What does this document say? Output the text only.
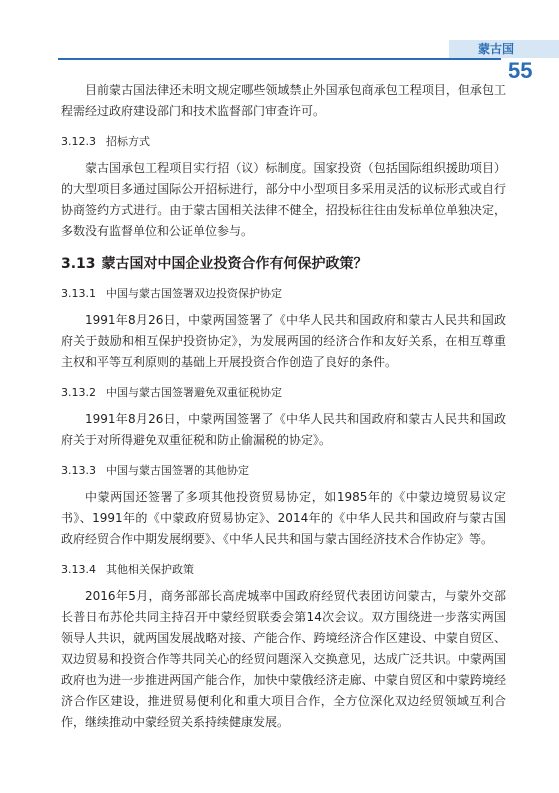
蒙古国
55

目前蒙古国法律还未明文规定哪些领域禁止外国承包商承包工程项目，但承包工程需经过政府建设部门和技术监督部门审查许可。

3.12.3 招标方式

蒙古国承包工程项目实行招（议）标制度。国家投资（包括国际组织援助项目）的大型项目多通过国际公开招标进行，部分中小型项目多采用灵活的议标形式或自行协商签约方式进行。由于蒙古国相关法律不健全，招投标往往由发标单位单独决定，多数没有监督单位和公证单位参与。

3.13 蒙古国对中国企业投资合作有何保护政策？
3.13.1 中国与蒙古国签署双边投资保护协定

1991年8月26日，中蒙两国签署了《中华人民共和国政府和蒙古人民共和国政府关于鼓励和相互保护投资协定》，为发展两国的经济合作和友好关系，在相互尊重主权和平等互利原则的基础上开展投资合作创造了良好的条件。

3.13.2 中国与蒙古国签署避免双重征税协定

1991年8月26日，中蒙两国签署了《中华人民共和国政府和蒙古人民共和国政府关于对所得避免双重征税和防止偷漏税的协定》。

3.13.3 中国与蒙古国签署的其他协定

中蒙两国还签署了多项其他投资贸易协定，如1985年的《中蒙边境贸易议定书》、1991年的《中蒙政府贸易协定》、2014年的《中华人民共和国政府与蒙古国政府经贸合作中期发展纲要》、《中华人民共和国与蒙古国经济技术合作协定》等。

3.13.4 其他相关保护政策

2016年5月，商务部部长高虎城率中国政府经贸代表团访问蒙古，与蒙外交部长普日布苏伦共同主持召开中蒙经贸联委会第14次会议。双方围绕进一步落实两国领导人共识，就两国发展战略对接、产能合作、跨境经济合作区建设、中蒙自贸区、双边贸易和投资合作等共同关心的经贸问题深入交换意见，达成广泛共识。中蒙两国政府也为进一步推进两国产能合作，加快中蒙俄经济走廊、中蒙自贸区和中蒙跨境经济合作区建设，推进贸易便利化和重大项目合作，全方位深化双边经贸领域互利合作，继续推动中蒙经贸关系持续健康发展。
